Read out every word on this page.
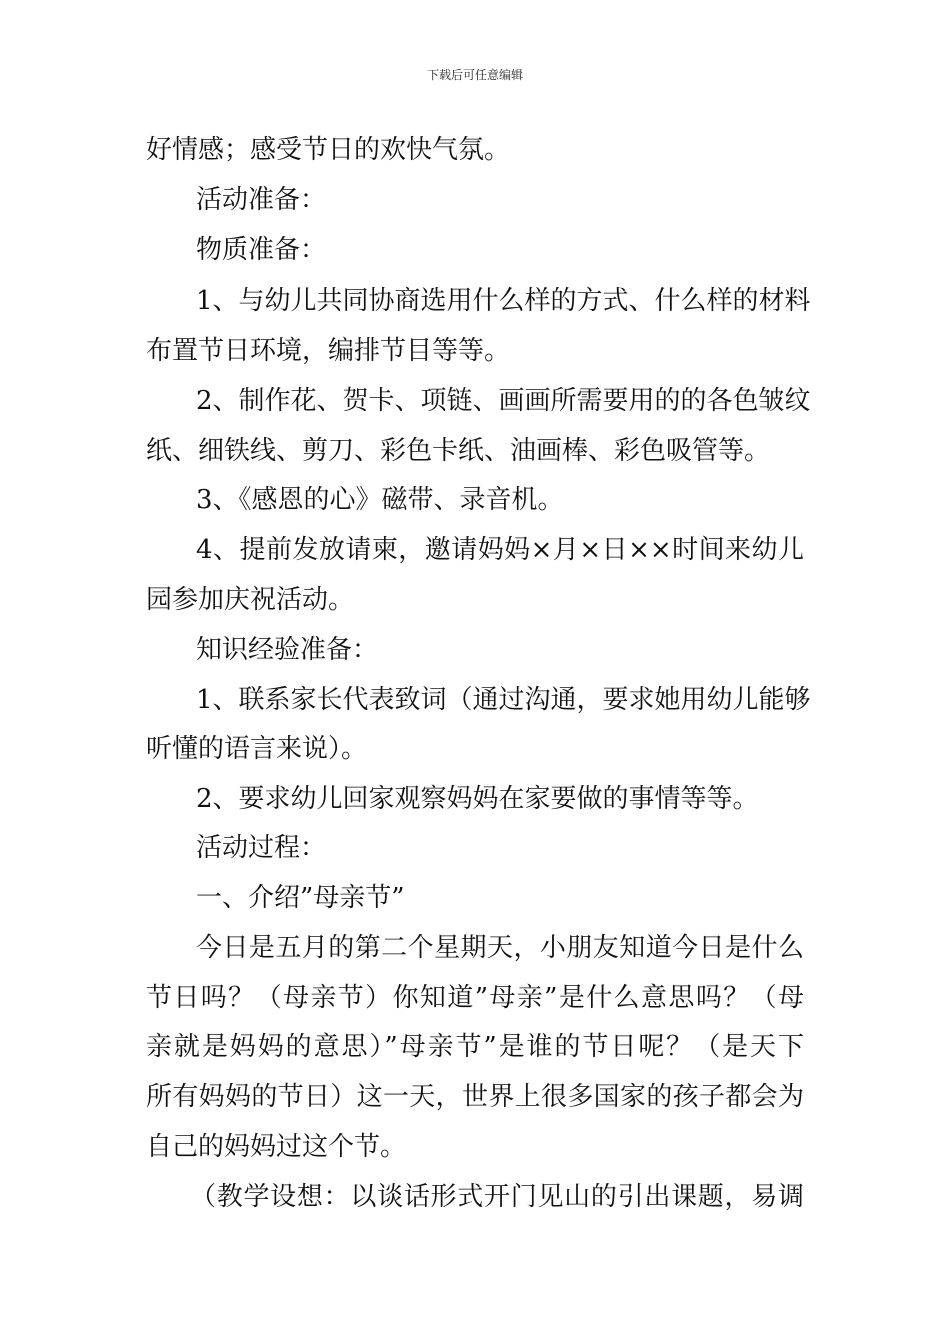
下载后可任意编辑
好情感；感受节日的欢快气氛。
活动准备：
物质准备：
1、与幼儿共同协商选用什么样的方式、什么样的材料
布置节日环境，编排节目等等。
2、制作花、贺卡、项链、画画所需要用的的各色皱纹
纸、细铁线、剪刀、彩色卡纸、油画棒、彩色吸管等。
3、《感恩的心》磁带、录音机。
4、提前发放请柬，邀请妈妈×月×日××时间来幼儿
园参加庆祝活动。
知识经验准备：
1、联系家长代表致词（通过沟通，要求她用幼儿能够
听懂的语言来说）。
2、要求幼儿回家观察妈妈在家要做的事情等等。
活动过程：
一、介绍”母亲节”
今日是五月的第二个星期天，小朋友知道今日是什么
节日吗？（母亲节）你知道”母亲”是什么意思吗？（母
亲就是妈妈的意思）”母亲节”是谁的节日呢？（是天下
所有妈妈的节日）这一天，世界上很多国家的孩子都会为
自己的妈妈过这个节。
（教学设想：以谈话形式开门见山的引出课题，易调
